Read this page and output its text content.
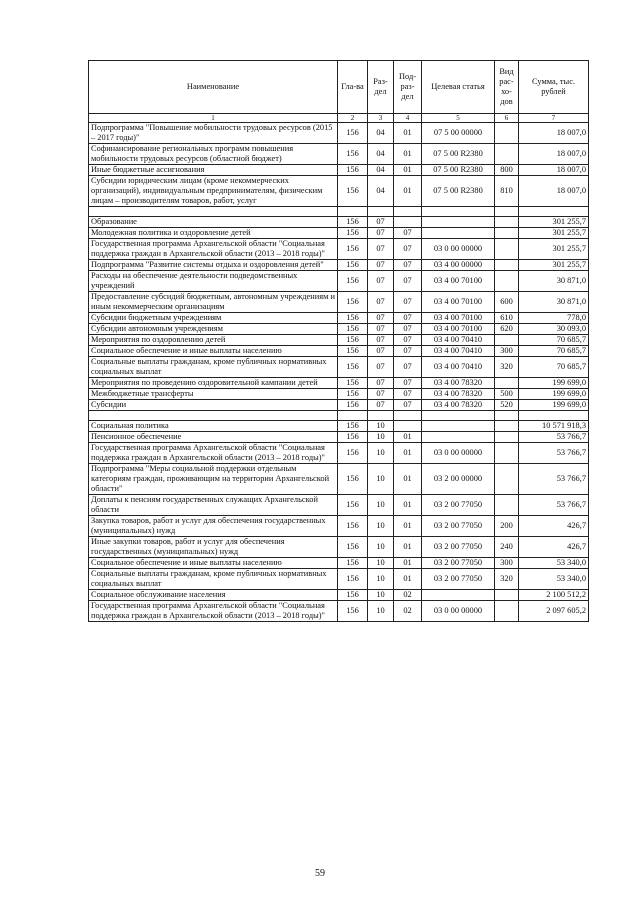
Наименование	Гла-ва	Раз-дел	Под-раз-дел	Целевая статья	Вид рас-хо-дов	Сумма, тыс. рублей
1	2	3	4	5	6	7
Подпрограмма "Повышение мобильности трудовых ресурсов (2015 – 2017 годы)"	156	04	01	07 5 00 00000		18 007,0
Софинансирование региональных программ повышения мобильности трудовых ресурсов (областной бюджет)	156	04	01	07 5 00 R2380		18 007,0
Иные бюджетные ассигнования	156	04	01	07 5 00 R2380	800	18 007,0
Субсидии юридическим лицам (кроме некоммерческих организаций), индивидуальным предпринимателям, физическим лицам – производителям товаров, работ, услуг	156	04	01	07 5 00 R2380	810	18 007,0

Образование	156	07				301 255,7
Молодежная политика и оздоровление детей	156	07	07			301 255,7
Государственная программа Архангельской области "Социальная поддержка граждан в Архангельской области (2013 – 2018 годы)"	156	07	07	03 0 00 00000		301 255,7
Подпрограмма "Развитие системы отдыха и оздоровления детей"	156	07	07	03 4 00 00000		301 255,7
Расходы на обеспечение деятельности подведомственных учреждений	156	07	07	03 4 00 70100		30 871,0
Предоставление субсидий бюджетным, автономным учреждениям и иным некоммерческим организациям	156	07	07	03 4 00 70100	600	30 871,0
Субсидии бюджетным учреждениям	156	07	07	03 4 00 70100	610	778,0
Субсидии автономным учреждениям	156	07	07	03 4 00 70100	620	30 093,0
Мероприятия по оздоровлению детей	156	07	07	03 4 00 70410		70 685,7
Социальное обеспечение и иные выплаты населению	156	07	07	03 4 00 70410	300	70 685,7
Социальные выплаты гражданам, кроме публичных нормативных социальных выплат	156	07	07	03 4 00 70410	320	70 685,7
Мероприятия по проведению оздоровительной кампании детей	156	07	07	03 4 00 78320		199 699,0
Межбюджетные трансферты	156	07	07	03 4 00 78320	500	199 699,0
Субсидии	156	07	07	03 4 00 78320	520	199 699,0

Социальная политика	156	10				10 571 918,3
Пенсионное обеспечение	156	10	01			53 766,7
Государственная программа Архангельской области "Социальная поддержка граждан в Архангельской области (2013 – 2018 годы)"	156	10	01	03 0 00 00000		53 766,7
Подпрограмма "Меры социальной поддержки отдельным категориям граждан, проживающим на территории Архангельской области"	156	10	01	03 2 00 00000		53 766,7
Доплаты к пенсиям государственных служащих Архангельской области	156	10	01	03 2 00 77050		53 766,7
Закупка товаров, работ и услуг для обеспечения государственных (муниципальных) нужд	156	10	01	03 2 00 77050	200	426,7
Иные закупки товаров, работ и услуг для обеспечения государственных (муниципальных) нужд	156	10	01	03 2 00 77050	240	426,7
Социальное обеспечение и иные выплаты населению	156	10	01	03 2 00 77050	300	53 340,0
Социальные выплаты гражданам, кроме публичных нормативных социальных выплат	156	10	01	03 2 00 77050	320	53 340,0
Социальное обслуживание населения	156	10	02			2 100 512,2
Государственная программа Архангельской области "Социальная поддержка граждан в Архангельской области (2013 – 2018 годы)"	156	10	02	03 0 00 00000		2 097 605,2
59
